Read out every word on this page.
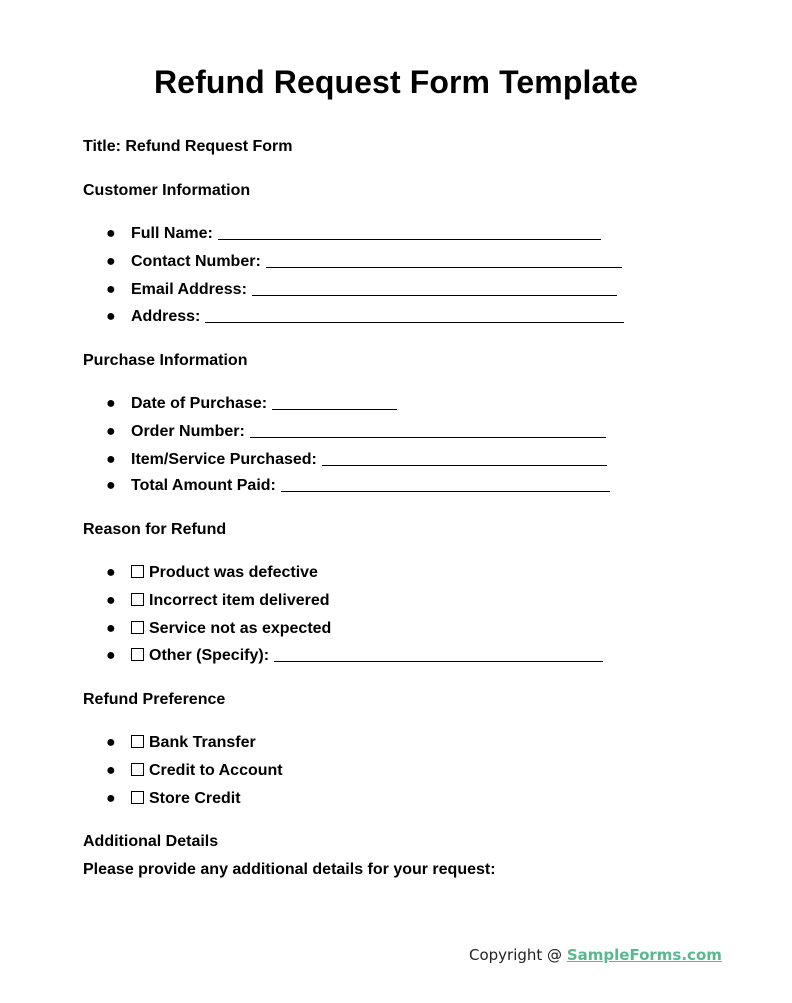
Refund Request Form Template
Title: Refund Request Form
Customer Information
● Full Name:
● Contact Number:
● Email Address:
● Address:
Purchase Information
● Date of Purchase:
● Order Number:
● Item/Service Purchased:
● Total Amount Paid:
Reason for Refund
● Product was defective
● Incorrect item delivered
● Service not as expected
● Other (Specify):
Refund Preference
● Bank Transfer
● Credit to Account
● Store Credit
Additional Details
Please provide any additional details for your request:
Copyright @ SampleForms.com
